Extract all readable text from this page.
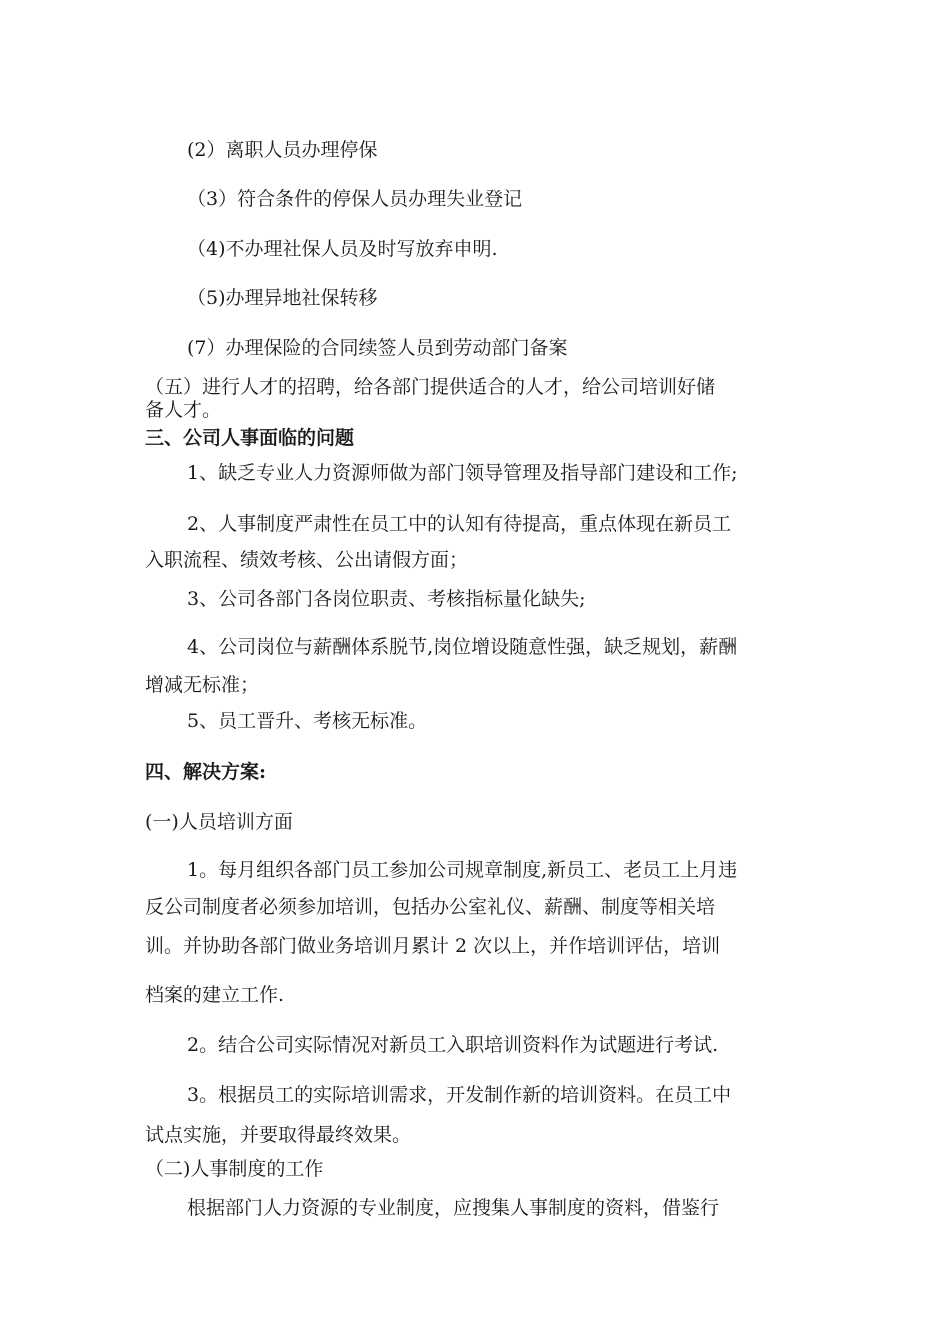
(2）离职人员办理停保
（3）符合条件的停保人员办理失业登记
（4)不办理社保人员及时写放弃申明.
（5)办理异地社保转移
(7）办理保险的合同续签人员到劳动部门备案
（五）进行人才的招聘，给各部门提供适合的人才，给公司培训好储
备人才。
三、公司人事面临的问题
1、缺乏专业人力资源师做为部门领导管理及指导部门建设和工作;
2、人事制度严肃性在员工中的认知有待提高，重点体现在新员工
入职流程、绩效考核、公出请假方面；
3、公司各部门各岗位职责、考核指标量化缺失;
4、公司岗位与薪酬体系脱节,岗位增设随意性强，缺乏规划，薪酬
增减无标准；
5、员工晋升、考核无标准。
四、解决方案:
(一)人员培训方面
1。每月组织各部门员工参加公司规章制度,新员工、老员工上月违
反公司制度者必须参加培训，包括办公室礼仪、薪酬、制度等相关培
训。并协助各部门做业务培训月累计 2 次以上，并作培训评估，培训
档案的建立工作.
2。结合公司实际情况对新员工入职培训资料作为试题进行考试.
3。根据员工的实际培训需求，开发制作新的培训资料。在员工中
试点实施，并要取得最终效果。
（二)人事制度的工作
根据部门人力资源的专业制度，应搜集人事制度的资料，借鉴行
